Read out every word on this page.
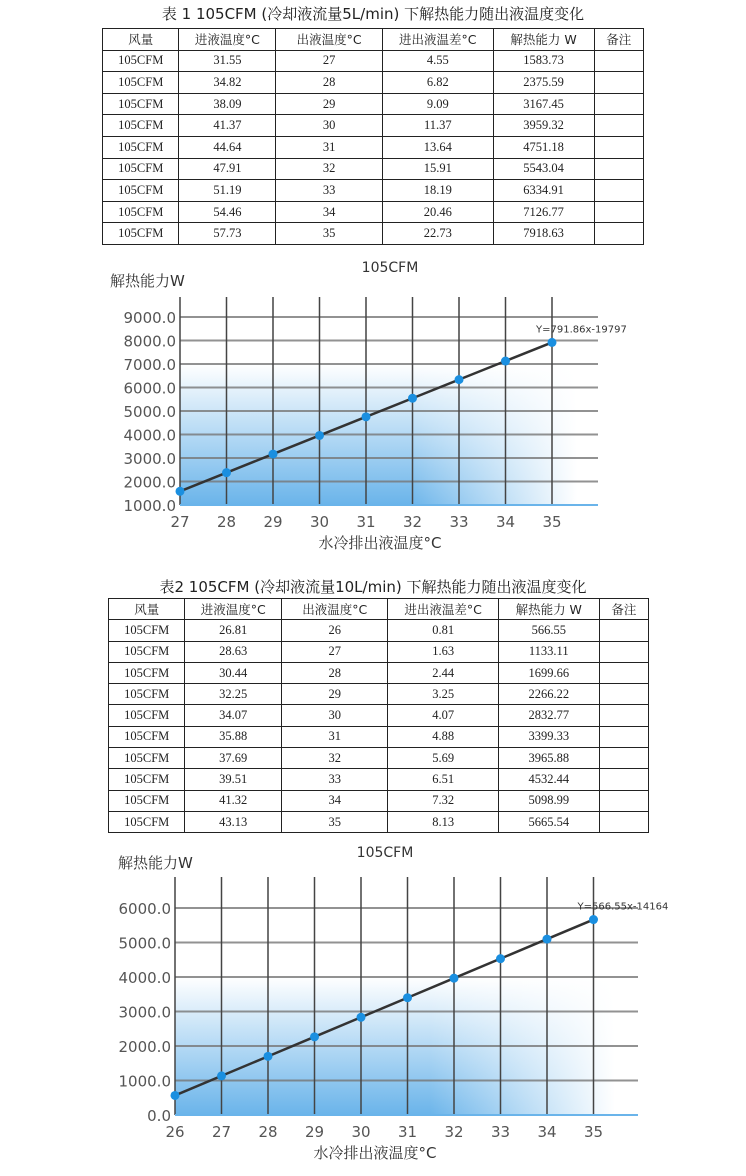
表 1 105CFM (冷却液流量5L/min) 下解热能力随出液温度变化
风量	进液温度°C	出液温度°C	进出液温差°C	解热能力 W	备注
105CFM	31.55	27	4.55	1583.73	
105CFM	34.82	28	6.82	2375.59	
105CFM	38.09	29	9.09	3167.45	
105CFM	41.37	30	11.37	3959.32	
105CFM	44.64	31	13.64	4751.18	
105CFM	47.91	32	15.91	5543.04	
105CFM	51.19	33	18.19	6334.91	
105CFM	54.46	34	20.46	7126.77	
105CFM	57.73	35	22.73	7918.63	
1000.0
2000.0
3000.0
4000.0
5000.0
6000.0
7000.0
8000.0
9000.0
27 28 29 30 31 32 33 34 35
Y=791.86x-19797
105CFM
解热能力W
水冷排出液温度°C
表2 105CFM (冷却液流量10L/min) 下解热能力随出液温度变化
风量	进液温度°C	出液温度°C	进出液温差°C	解热能力 W	备注
105CFM	26.81	26	0.81	566.55	
105CFM	28.63	27	1.63	1133.11	
105CFM	30.44	28	2.44	1699.66	
105CFM	32.25	29	3.25	2266.22	
105CFM	34.07	30	4.07	2832.77	
105CFM	35.88	31	4.88	3399.33	
105CFM	37.69	32	5.69	3965.88	
105CFM	39.51	33	6.51	4532.44	
105CFM	41.32	34	7.32	5098.99	
105CFM	43.13	35	8.13	5665.54	
0.0
1000.0
2000.0
3000.0
4000.0
5000.0
6000.0
26 27 28 29 30 31 32 33 34 35
Y=566.55x-14164
105CFM
解热能力W
水冷排出液温度°C
